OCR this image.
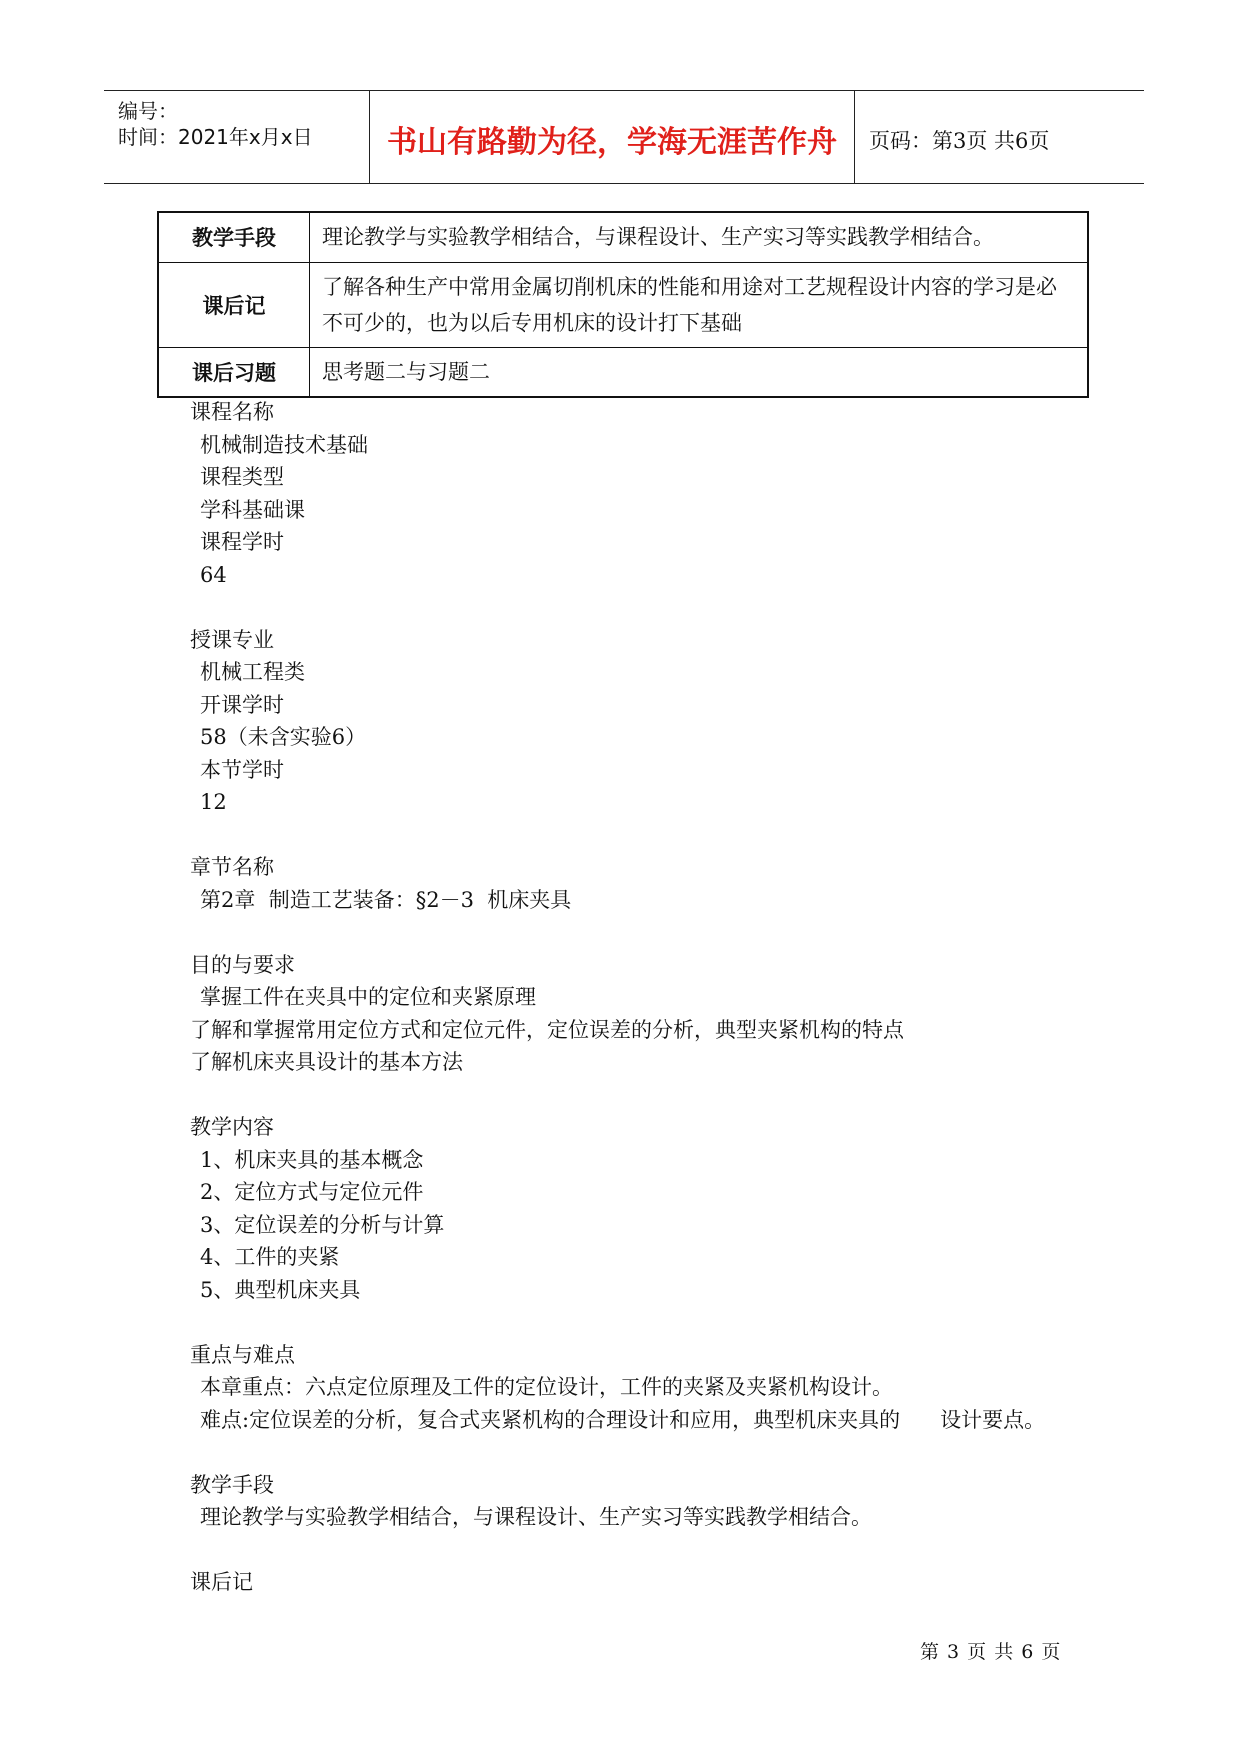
编号：
时间：2021年x月x日	书山有路勤为径，学海无涯苦作舟	页码：第3页 共6页
教学手段	理论教学与实验教学相结合，与课程设计、生产实习等实践教学相结合。
课后记	了解各种生产中常用金属切削机床的性能和用途对工艺规程设计内容的学习是必不可少的，也为以后专用机床的设计打下基础
课后习题	思考题二与习题二
课程名称
机械制造技术基础
课程类型
学科基础课
课程学时
64
授课专业
机械工程类
开课学时
58（未含实验6）
本节学时
12
章节名称
第2章  制造工艺装备：§2－3  机床夹具
目的与要求
掌握工件在夹具中的定位和夹紧原理
了解和掌握常用定位方式和定位元件，定位误差的分析，典型夹紧机构的特点
了解机床夹具设计的基本方法
教学内容
1、机床夹具的基本概念
2、定位方式与定位元件
3、定位误差的分析与计算
4、工件的夹紧
5、典型机床夹具
重点与难点
本章重点：六点定位原理及工件的定位设计，工件的夹紧及夹紧机构设计。
难点:定位误差的分析，复合式夹紧机构的合理设计和应用，典型机床夹具的      设计要点。
教学手段
理论教学与实验教学相结合，与课程设计、生产实习等实践教学相结合。
课后记
第 3 页 共 6 页
